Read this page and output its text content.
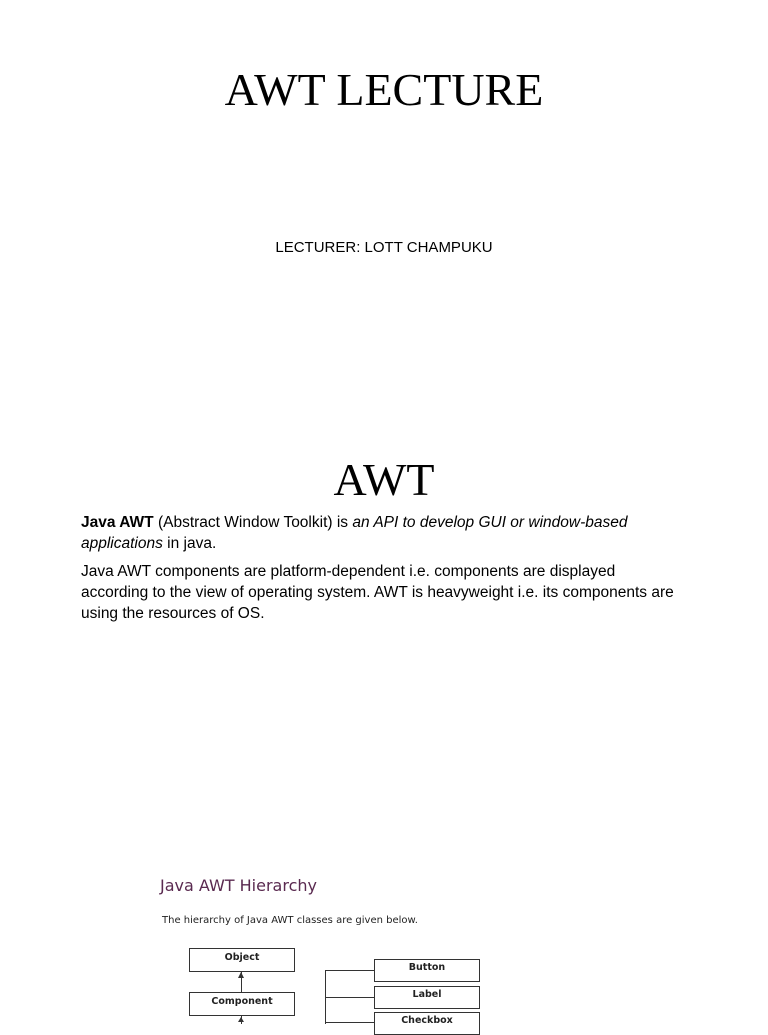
AWT LECTURE
LECTURER: LOTT CHAMPUKU
AWT

Java AWT (Abstract Window Toolkit) is an API to develop GUI or window-based applications in java.

Java AWT components are platform-dependent i.e. components are displayed according to the view of operating system. AWT is heavyweight i.e. its components are using the resources of OS.

Java AWT Hierarchy
The hierarchy of Java AWT classes are given below.
Object
Component
Button
Label
Checkbox
